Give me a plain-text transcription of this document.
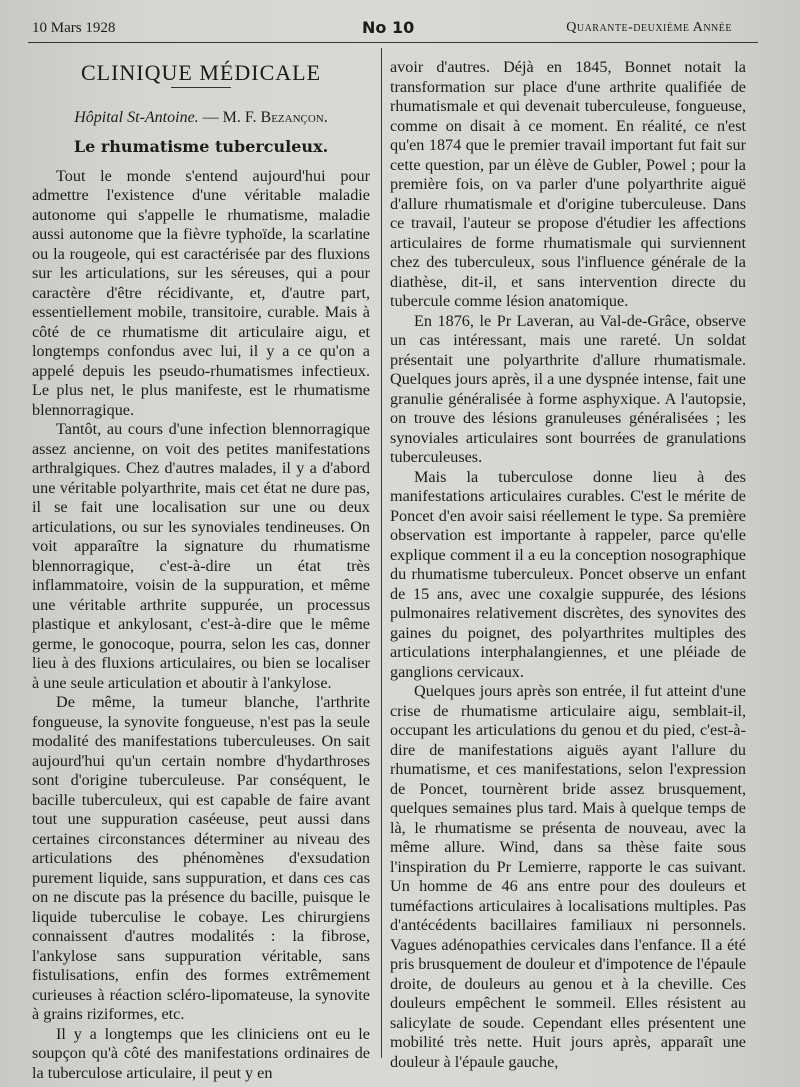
10 Mars 1928	No 10	Quarante-deuxième Année
CLINIQUE MÉDICALE
Hôpital St-Antoine. — M. F. Bezançon.
Le rhumatisme tuberculeux.

Tout le monde s'entend aujourd'hui pour admettre l'existence d'une véritable maladie autonome qui s'appelle le rhumatisme, maladie aussi autonome que la fièvre typhoïde, la scarlatine ou la rougeole, qui est caractérisée par des fluxions sur les articulations, sur les séreuses, qui a pour caractère d'être récidivante, et, d'autre part, essentiellement mobile, transitoire, curable. Mais à côté de ce rhumatisme dit articulaire aigu, et longtemps confondus avec lui, il y a ce qu'on a appelé depuis les pseudo-rhumatismes infectieux. Le plus net, le plus manifeste, est le rhumatisme blennorragique.

Tantôt, au cours d'une infection blennorragique assez ancienne, on voit des petites manifestations arthralgiques. Chez d'autres malades, il y a d'abord une véritable polyarthrite, mais cet état ne dure pas, il se fait une localisation sur une ou deux articulations, ou sur les synoviales tendineuses. On voit apparaître la signature du rhumatisme blennorragique, c'est-à-dire un état très inflammatoire, voisin de la suppuration, et même une véritable arthrite suppurée, un processus plastique et ankylosant, c'est-à-dire que le même germe, le gonocoque, pourra, selon les cas, donner lieu à des fluxions articulaires, ou bien se localiser à une seule articulation et aboutir à l'ankylose.

De même, la tumeur blanche, l'arthrite fongueuse, la synovite fongueuse, n'est pas la seule modalité des manifestations tuberculeuses. On sait aujourd'hui qu'un certain nombre d'hydarthroses sont d'origine tuberculeuse. Par conséquent, le bacille tuberculeux, qui est capable de faire avant tout une suppuration caséeuse, peut aussi dans certaines circonstances déterminer au niveau des articulations des phénomènes d'exsudation purement liquide, sans suppuration, et dans ces cas on ne discute pas la présence du bacille, puisque le liquide tuberculise le cobaye. Les chirurgiens connaissent d'autres modalités : la fibrose, l'ankylose sans suppuration véritable, sans fistulisations, enfin des formes extrêmement curieuses à réaction scléro-lipomateuse, la synovite à grains riziformes, etc.

Il y a longtemps que les cliniciens ont eu le soupçon qu'à côté des manifestations ordinaires de la tuberculose articulaire, il peut y en

avoir d'autres. Déjà en 1845, Bonnet notait la transformation sur place d'une arthrite qualifiée de rhumatismale et qui devenait tuberculeuse, fongueuse, comme on disait à ce moment. En réalité, ce n'est qu'en 1874 que le premier travail important fut fait sur cette question, par un élève de Gubler, Powel ; pour la première fois, on va parler d'une polyarthrite aiguë d'allure rhumatismale et d'origine tuberculeuse. Dans ce travail, l'auteur se propose d'étudier les affections articulaires de forme rhumatismale qui surviennent chez des tuberculeux, sous l'influence générale de la diathèse, dit-il, et sans intervention directe du tubercule comme lésion anatomique.

En 1876, le Pr Laveran, au Val-de-Grâce, observe un cas intéressant, mais une rareté. Un soldat présentait une polyarthrite d'allure rhumatismale. Quelques jours après, il a une dyspnée intense, fait une granulie généralisée à forme asphyxique. A l'autopsie, on trouve des lésions granuleuses généralisées ; les synoviales articulaires sont bourrées de granulations tuberculeuses.

Mais la tuberculose donne lieu à des manifestations articulaires curables. C'est le mérite de Poncet d'en avoir saisi réellement le type. Sa première observation est importante à rappeler, parce qu'elle explique comment il a eu la conception nosographique du rhumatisme tuberculeux. Poncet observe un enfant de 15 ans, avec une coxalgie suppurée, des lésions pulmonaires relativement discrètes, des synovites des gaines du poignet, des polyarthrites multiples des articulations interphalangiennes, et une pléiade de ganglions cervicaux.

Quelques jours après son entrée, il fut atteint d'une crise de rhumatisme articulaire aigu, semblait-il, occupant les articulations du genou et du pied, c'est-à-dire de manifestations aiguës ayant l'allure du rhumatisme, et ces manifestations, selon l'expression de Poncet, tournèrent bride assez brusquement, quelques semaines plus tard. Mais à quelque temps de là, le rhumatisme se présenta de nouveau, avec la même allure. Wind, dans sa thèse faite sous l'inspiration du Pr Lemierre, rapporte le cas suivant. Un homme de 46 ans entre pour des douleurs et tuméfactions articulaires à localisations multiples. Pas d'antécédents bacillaires familiaux ni personnels. Vagues adénopathies cervicales dans l'enfance. Il a été pris brusquement de douleur et d'impotence de l'épaule droite, de douleurs au genou et à la cheville. Ces douleurs empêchent le sommeil. Elles résistent au salicylate de soude. Cependant elles présentent une mobilité très nette. Huit jours après, apparaît une douleur à l'épaule gauche,
